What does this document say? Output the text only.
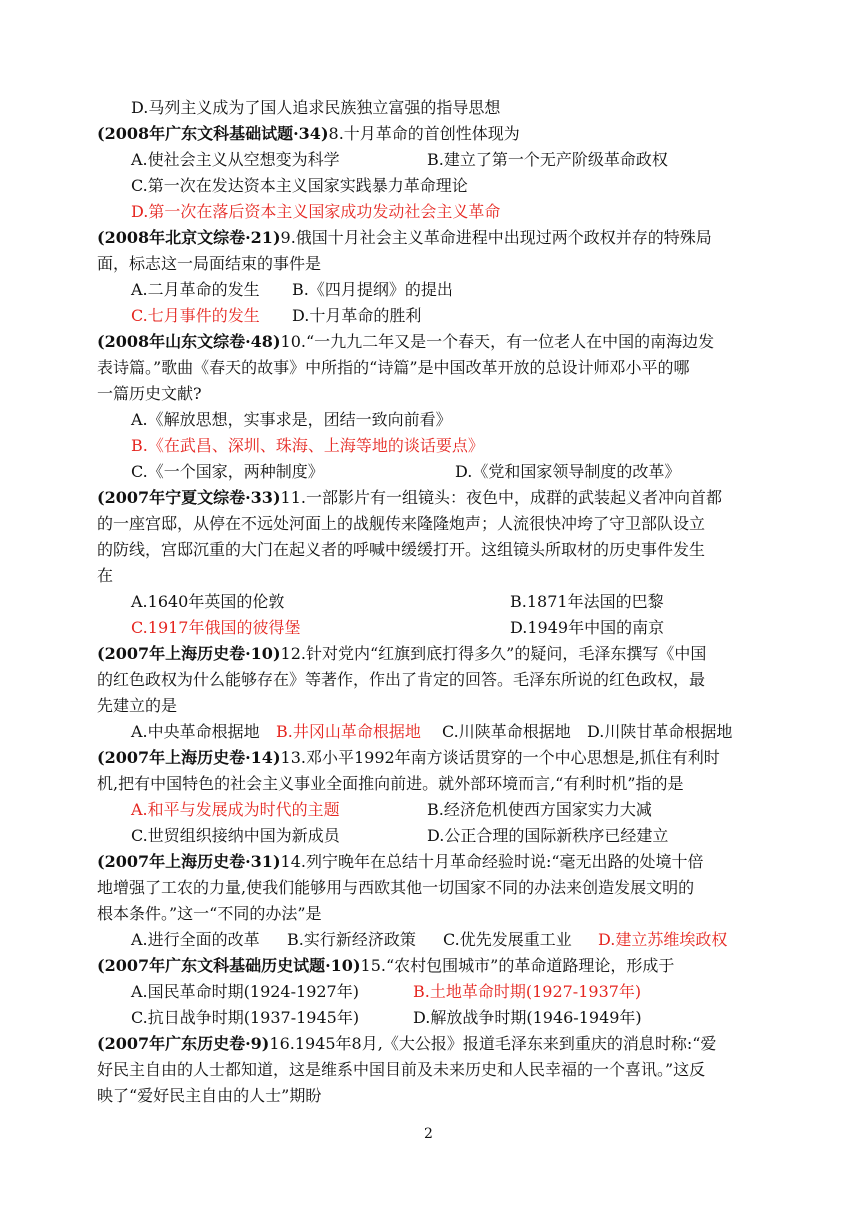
D.马列主义成为了国人追求民族独立富强的指导思想
(2008年广东文科基础试题·34) 8.十月革命的首创性体现为
A.使社会主义从空想变为科学	B.建立了第一个无产阶级革命政权
C.第一次在发达资本主义国家实践暴力革命理论
D.第一次在落后资本主义国家成功发动社会主义革命
(2008年北京文综卷·21) 9.俄国十月社会主义革命进程中出现过两个政权并存的特殊局
面，标志这一局面结束的事件是
A.二月革命的发生 B.《四月提纲》的提出
C.七月事件的发生 D.十月革命的胜利
(2008年山东文综卷·48) 10.“一九九二年又是一个春天，有一位老人在中国的南海边发
表诗篇。”歌曲《春天的故事》中所指的“诗篇”是中国改革开放的总设计师邓小平的哪
一篇历史文献?
A.《解放思想，实事求是，团结一致向前看》
B.《在武昌、深圳、珠海、上海等地的谈话要点》
C.《一个国家，两种制度》	D.《党和国家领导制度的改革》
(2007年宁夏文综卷·33) 11.一部影片有一组镜头：夜色中，成群的武装起义者冲向首都
的一座宫邸，从停在不远处河面上的战舰传来隆隆炮声；人流很快冲垮了守卫部队设立
的防线，宫邸沉重的大门在起义者的呼喊中缓缓打开。这组镜头所取材的历史事件发生
在
A.1640年英国的伦敦	B.1871年法国的巴黎
C.1917年俄国的彼得堡	D.1949年中国的南京
(2007年上海历史卷·10) 12.针对党内“红旗到底打得多久”的疑问，毛泽东撰写《中国
的红色政权为什么能够存在》等著作，作出了肯定的回答。毛泽东所说的红色政权，最
先建立的是
A.中央革命根据地 B.井冈山革命根据地 C.川陕革命根据地 D.川陕甘革命根据地
(2007年上海历史卷·14) 13.邓小平1992年南方谈话贯穿的一个中心思想是,抓住有利时
机,把有中国特色的社会主义事业全面推向前进。就外部环境而言,“有利时机”指的是
A.和平与发展成为时代的主题	B.经济危机使西方国家实力大减
C.世贸组织接纳中国为新成员	D.公正合理的国际新秩序已经建立
(2007年上海历史卷·31) 14.列宁晚年在总结十月革命经验时说:“毫无出路的处境十倍
地增强了工农的力量,使我们能够用与西欧其他一切国家不同的办法来创造发展文明的
根本条件。”这一“不同的办法”是
A.进行全面的改革 B.实行新经济政策 C.优先发展重工业 D.建立苏维埃政权
(2007年广东文科基础历史试题·10) 15.“农村包围城市”的革命道路理论，形成于
A.国民革命时期(1924-1927年)	B.土地革命时期(1927-1937年)
C.抗日战争时期(1937-1945年)	D.解放战争时期(1946-1949年)
(2007年广东历史卷·9) 16.1945年8月,《大公报》报道毛泽东来到重庆的消息时称:“爱
好民主自由的人士都知道，这是维系中国目前及未来历史和人民幸福的一个喜讯。”这反
映了“爱好民主自由的人士”期盼
2
